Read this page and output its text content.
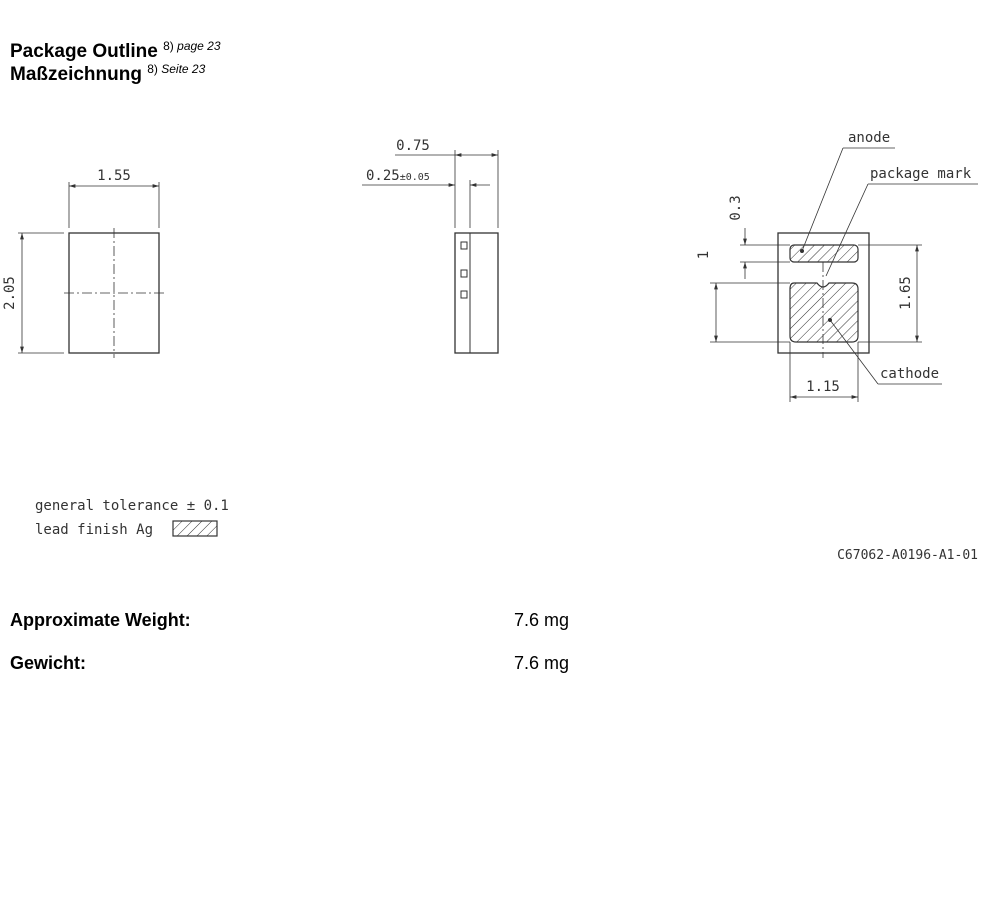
Package Outline $^{8) page 23}$
Maßzeichnung $^{8) Seite 23}$
1.55
2.05
0.75
0.25±0.05
0.3
1
1.65
1.15
anode
package mark
cathode
general tolerance ± 0.1
lead finish Ag
C67062-A0196-A1-01
Approximate Weight:	7.6 mg
Gewicht:	7.6 mg
